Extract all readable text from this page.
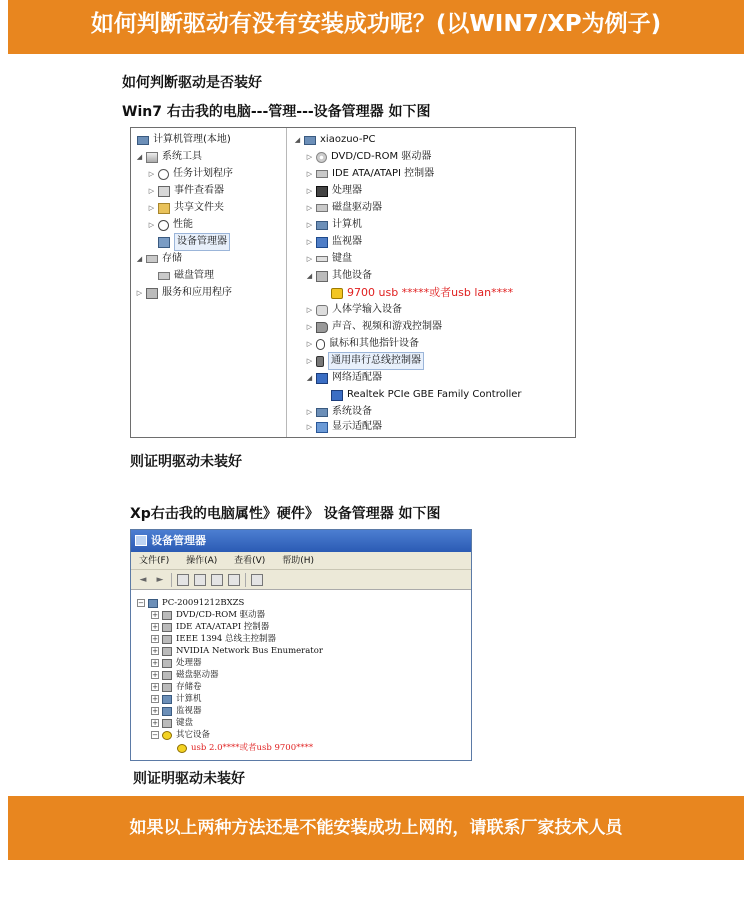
如何判断驱动有没有安装成功呢？(以WIN7/XP为例子)
如何判断驱动是否装好
Win7 右击我的电脑---管理---设备管理器 如下图
计算机管理(本地)
◢ 系统工具
▷ 任务计划程序
▷ 事件查看器
▷ 共享文件夹
▷ 性能
设备管理器
◢ 存储
磁盘管理
▷ 服务和应用程序
◢ xiaozuo-PC
▷ DVD/CD-ROM 驱动器
▷ IDE ATA/ATAPI 控制器
▷ 处理器
▷ 磁盘驱动器
▷ 计算机
▷ 监视器
▷ 键盘
◢ 其他设备
9700 usb *****或者usb lan****
▷ 人体学输入设备
▷ 声音、视频和游戏控制器
▷ 鼠标和其他指针设备
▷	通用串行总线控制器
◢ 网络适配器
Realtek PCIe GBE Family Controller
▷ 系统设备
▷ 显示适配器
则证明驱动未装好
Xp右击我的电脑属性》硬件》 设备管理器 如下图
设备管理器
文件(F) 操作(A) 查看(V) 帮助(H)
◄ ►
− PC-20091212BXZS
+ DVD/CD-ROM 驱动器
+ IDE ATA/ATAPI 控制器
+ IEEE 1394 总线主控制器
+ NVIDIA Network Bus Enumerator
+ 处理器
+ 磁盘驱动器
+ 存储卷
+ 计算机
+ 监视器
+ 键盘
− 其它设备
usb 2.0****或者usb 9700****
则证明驱动未装好
如果以上两种方法还是不能安装成功上网的，请联系厂家技术人员
